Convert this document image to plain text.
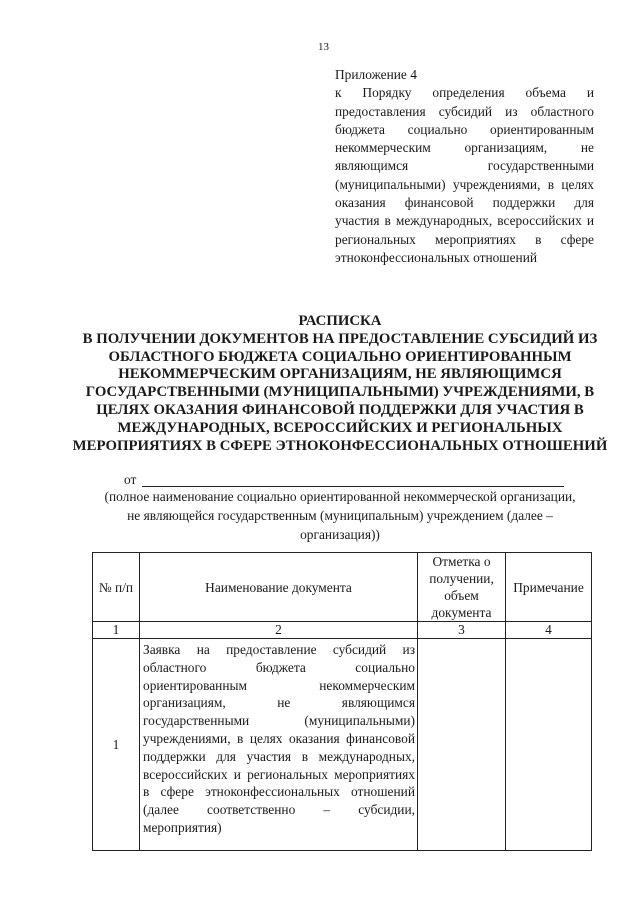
13
Приложение 4
к Порядку определения объема и предоставления субсидий из областного бюджета социально ориентированным некоммерческим организациям, не являющимся государственными (муниципальными) учреждениями, в целях оказания финансовой поддержки для участия в международных, всероссийских и региональных мероприятиях в сфере этноконфессиональных отношений
РАСПИСКА
В ПОЛУЧЕНИИ ДОКУМЕНТОВ НА ПРЕДОСТАВЛЕНИЕ СУБСИДИЙ ИЗ ОБЛАСТНОГО БЮДЖЕТА СОЦИАЛЬНО ОРИЕНТИРОВАННЫМ НЕКОММЕРЧЕСКИМ ОРГАНИЗАЦИЯМ, НЕ ЯВЛЯЮЩИМСЯ ГОСУДАРСТВЕННЫМИ (МУНИЦИПАЛЬНЫМИ) УЧРЕЖДЕНИЯМИ, В ЦЕЛЯХ ОКАЗАНИЯ ФИНАНСОВОЙ ПОДДЕРЖКИ ДЛЯ УЧАСТИЯ В МЕЖДУНАРОДНЫХ, ВСЕРОССИЙСКИХ И РЕГИОНАЛЬНЫХ МЕРОПРИЯТИЯХ В СФЕРЕ ЭТНОКОНФЕССИОНАЛЬНЫХ ОТНОШЕНИЙ
от
(полное наименование социально ориентированной некоммерческой организации, не являющейся государственным (муниципальным) учреждением (далее – организация))
№ п/п	Наименование документа	Отметка о получении, объем документа	Примечание
1	2	3	4
1	Заявка на предоставление субсидий из областного бюджета социально ориентированным некоммерческим организациям, не являющимся государственными (муниципальными) учреждениями, в целях оказания финансовой поддержки для участия в международных, всероссийских и региональных мероприятиях в сфере этноконфессиональных отношений (далее соответственно – субсидии, мероприятия)		
